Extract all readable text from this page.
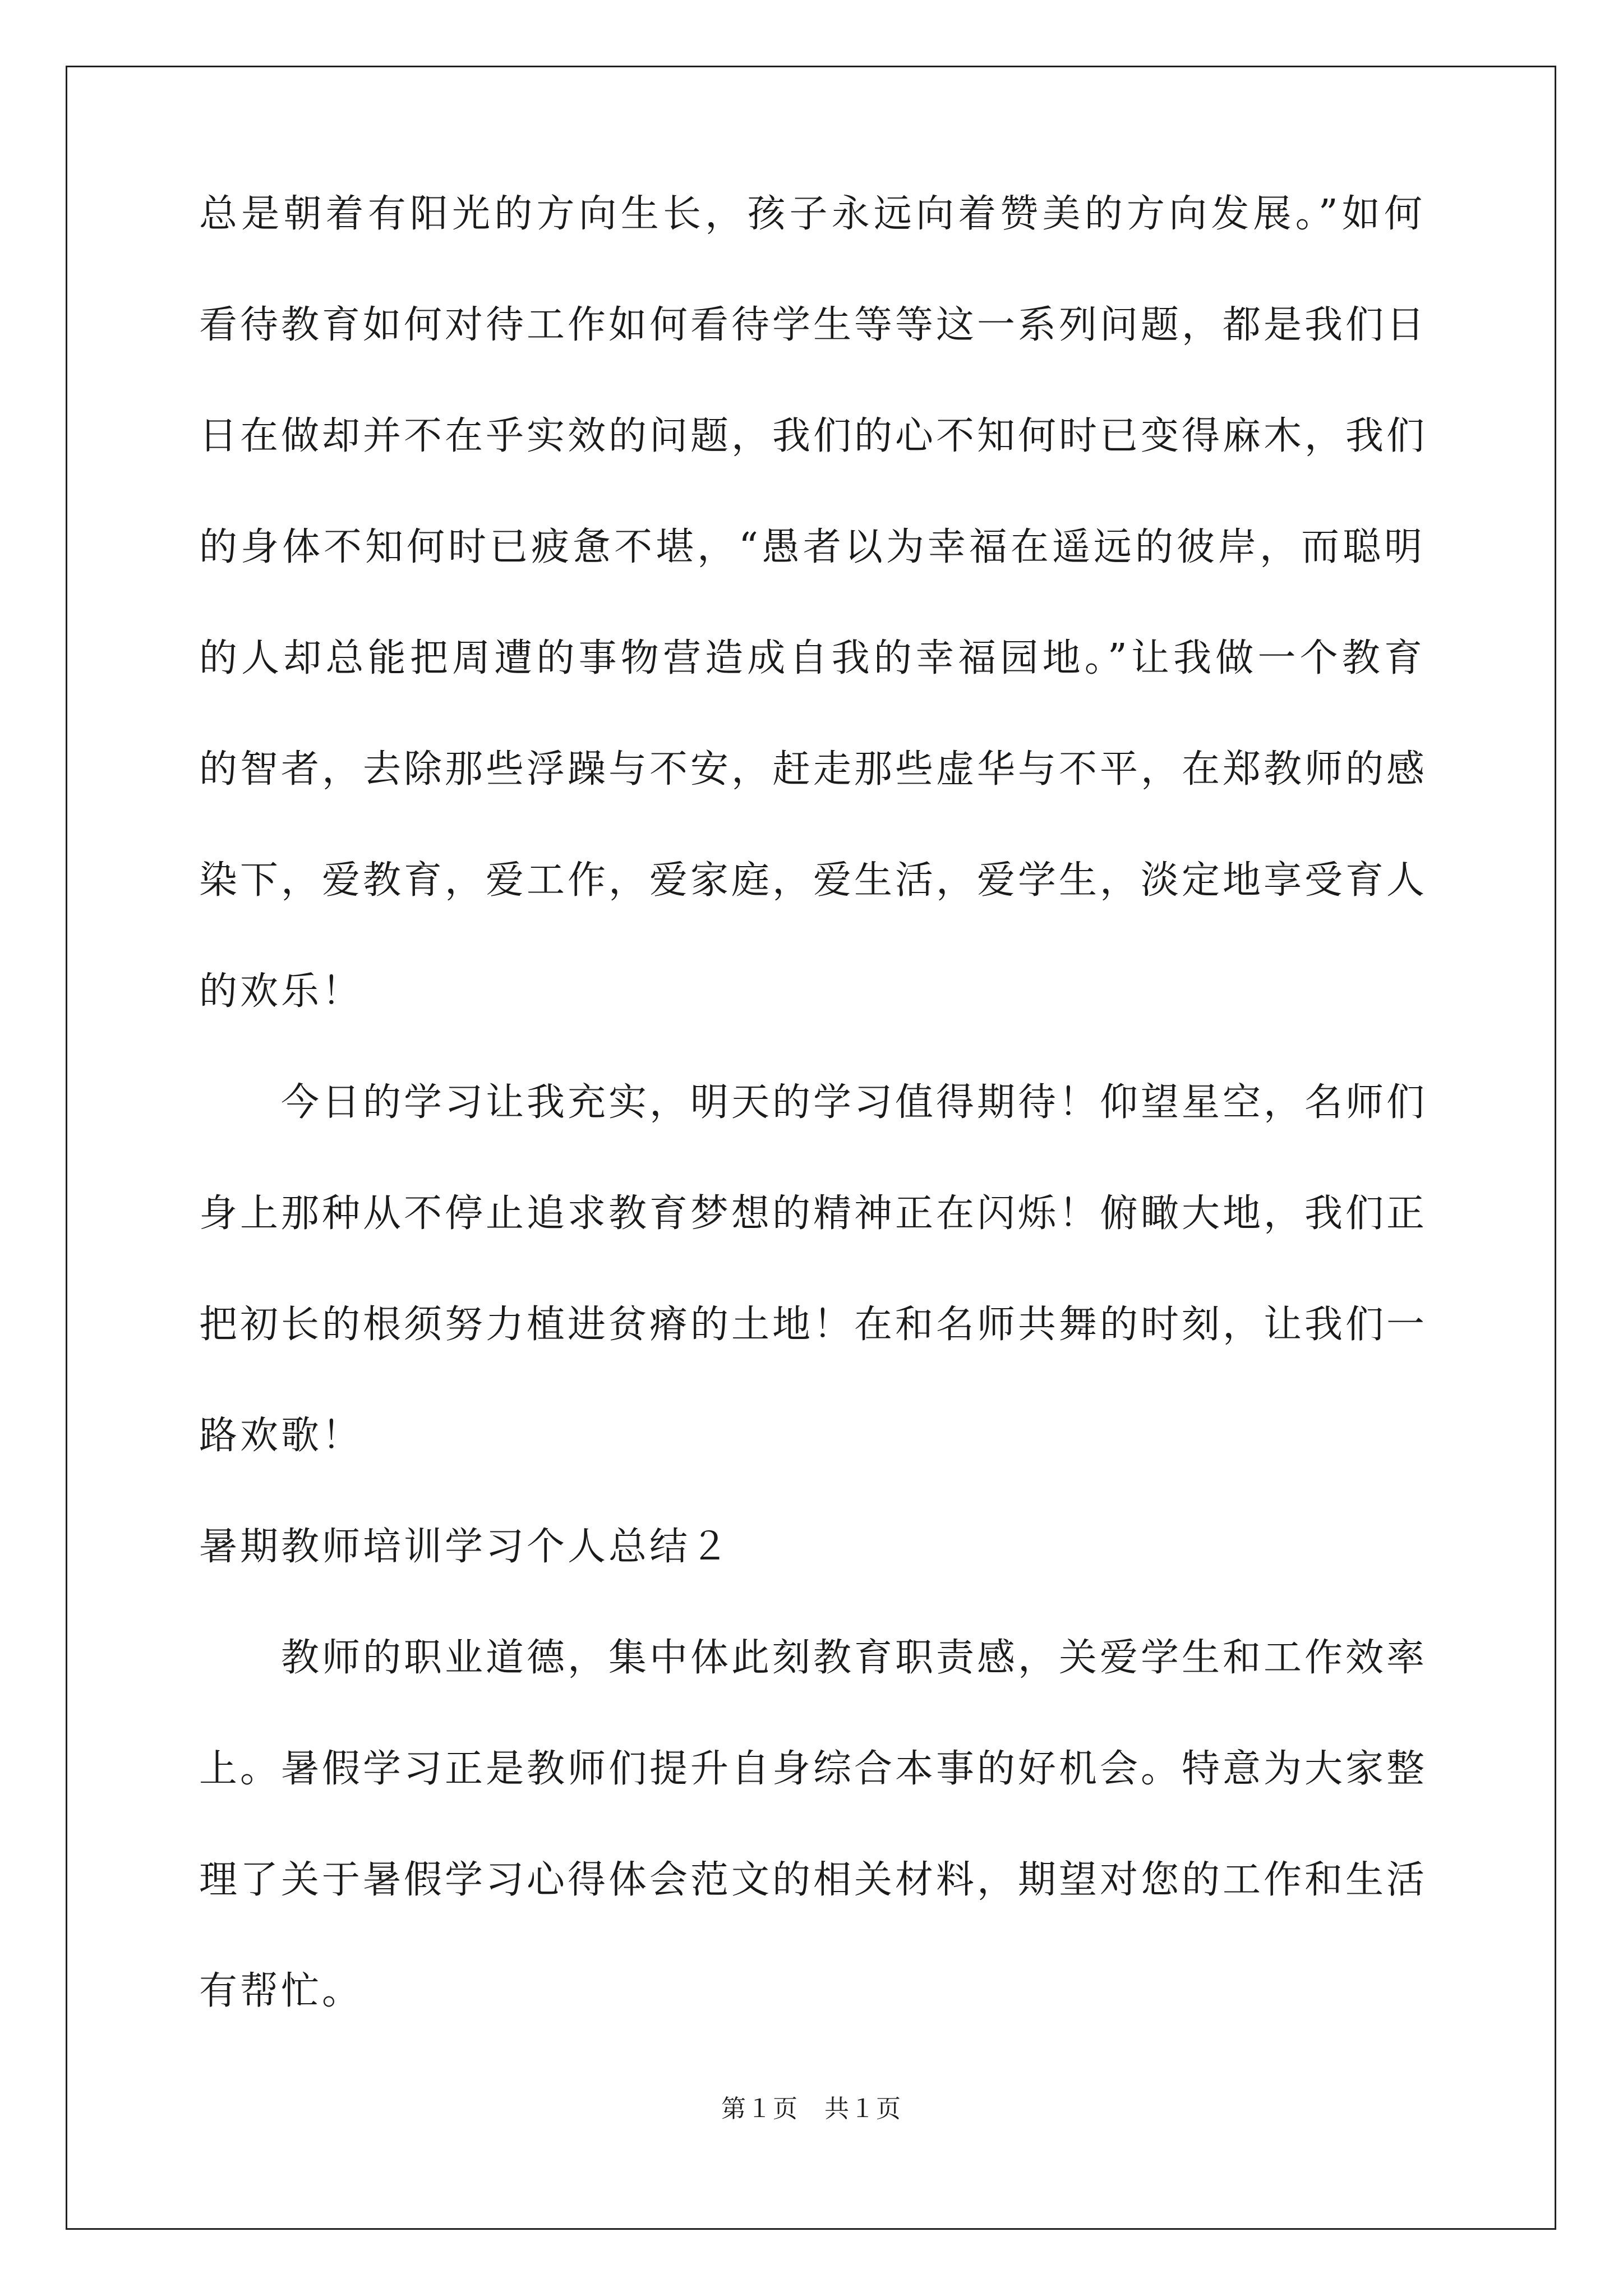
总是朝着有阳光的方向生长，孩子永远向着赞美的方向发展。”如何
看待教育如何对待工作如何看待学生等等这一系列问题，都是我们日
日在做却并不在乎实效的问题，我们的心不知何时已变得麻木，我们
的身体不知何时已疲惫不堪，“愚者以为幸福在遥远的彼岸，而聪明
的人却总能把周遭的事物营造成自我的幸福园地。”让我做一个教育
的智者，去除那些浮躁与不安，赶走那些虚华与不平，在郑教师的感
染下，爱教育，爱工作，爱家庭，爱生活，爱学生，淡定地享受育人
的欢乐！
今日的学习让我充实，明天的学习值得期待！仰望星空，名师们
身上那种从不停止追求教育梦想的精神正在闪烁！俯瞰大地，我们正
把初长的根须努力植进贫瘠的土地！在和名师共舞的时刻，让我们一
路欢歌！
暑期教师培训学习个人总结２
教师的职业道德，集中体此刻教育职责感，关爱学生和工作效率
上。暑假学习正是教师们提升自身综合本事的好机会。特意为大家整
理了关于暑假学习心得体会范文的相关材料，期望对您的工作和生活
有帮忙。
第１页　共１页
